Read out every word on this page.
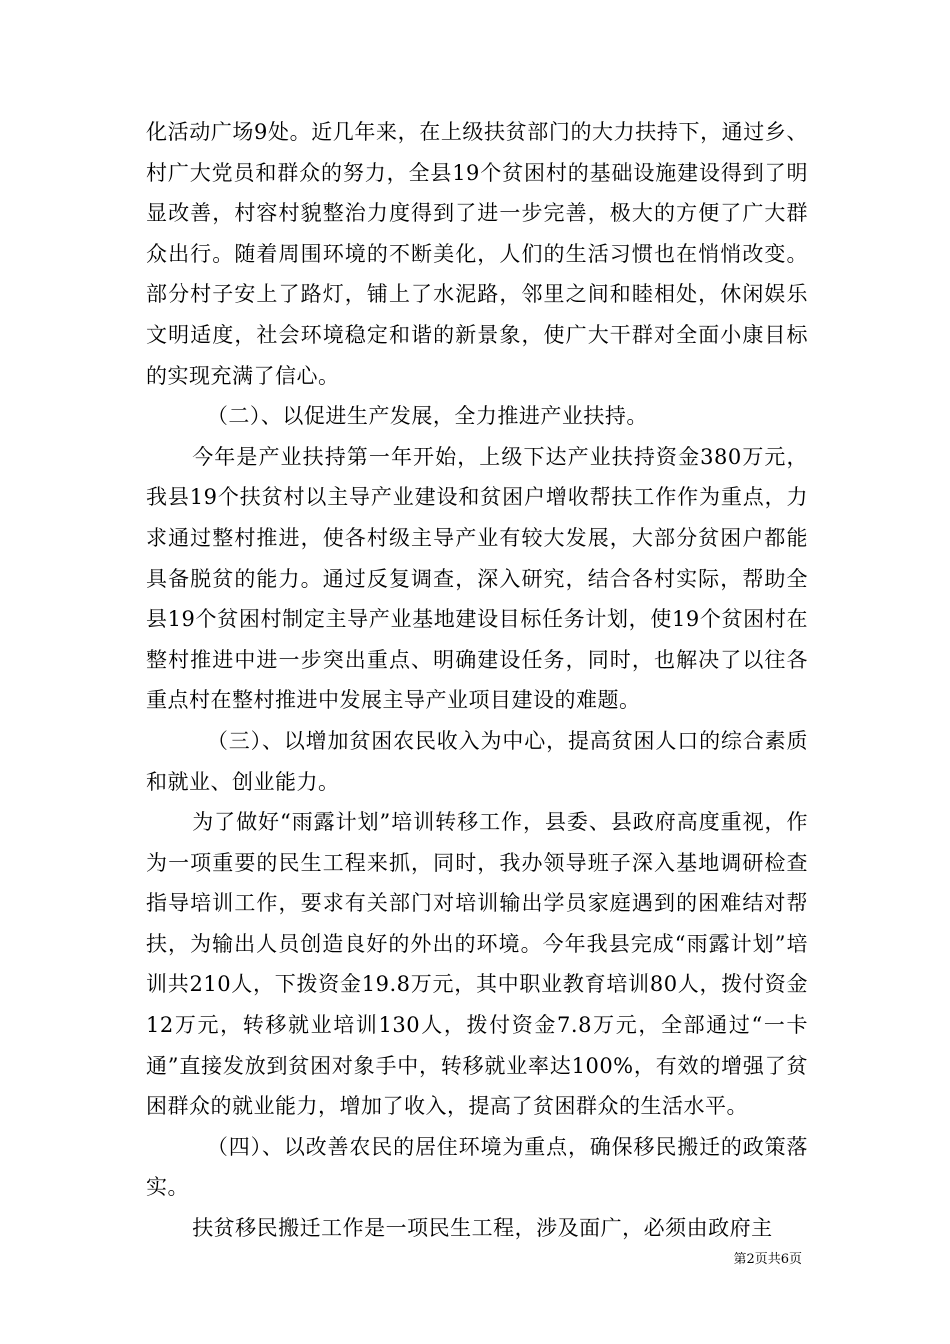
化活动广场9处。近几年来，在上级扶贫部门的大力扶持下，通过乡、村广大党员和群众的努力，全县19个贫困村的基础设施建设得到了明显改善，村容村貌整治力度得到了进一步完善，极大的方便了广大群众出行。随着周围环境的不断美化，人们的生活习惯也在悄悄改变。部分村子安上了路灯，铺上了水泥路，邻里之间和睦相处，休闲娱乐文明适度，社会环境稳定和谐的新景象，使广大干群对全面小康目标的实现充满了信心。

（二）、以促进生产发展，全力推进产业扶持。

今年是产业扶持第一年开始，上级下达产业扶持资金380万元，我县19个扶贫村以主导产业建设和贫困户增收帮扶工作作为重点，力求通过整村推进，使各村级主导产业有较大发展，大部分贫困户都能具备脱贫的能力。通过反复调查，深入研究，结合各村实际，帮助全县19个贫困村制定主导产业基地建设目标任务计划，使19个贫困村在整村推进中进一步突出重点、明确建设任务，同时，也解决了以往各重点村在整村推进中发展主导产业项目建设的难题。

（三）、以增加贫困农民收入为中心，提高贫困人口的综合素质和就业、创业能力。

为了做好“雨露计划”培训转移工作，县委、县政府高度重视，作为一项重要的民生工程来抓，同时，我办领导班子深入基地调研检查指导培训工作，要求有关部门对培训输出学员家庭遇到的困难结对帮扶，为输出人员创造良好的外出的环境。今年我县完成“雨露计划”培训共210人，下拨资金19.8万元，其中职业教育培训80人，拨付资金12万元，转移就业培训130人，拨付资金7.8万元，全部通过“一卡通”直接发放到贫困对象手中，转移就业率达100%，有效的增强了贫困群众的就业能力，增加了收入，提高了贫困群众的生活水平。

（四）、以改善农民的居住环境为重点，确保移民搬迁的政策落实。

扶贫移民搬迁工作是一项民生工程，涉及面广，必须由政府主

第2页共6页
